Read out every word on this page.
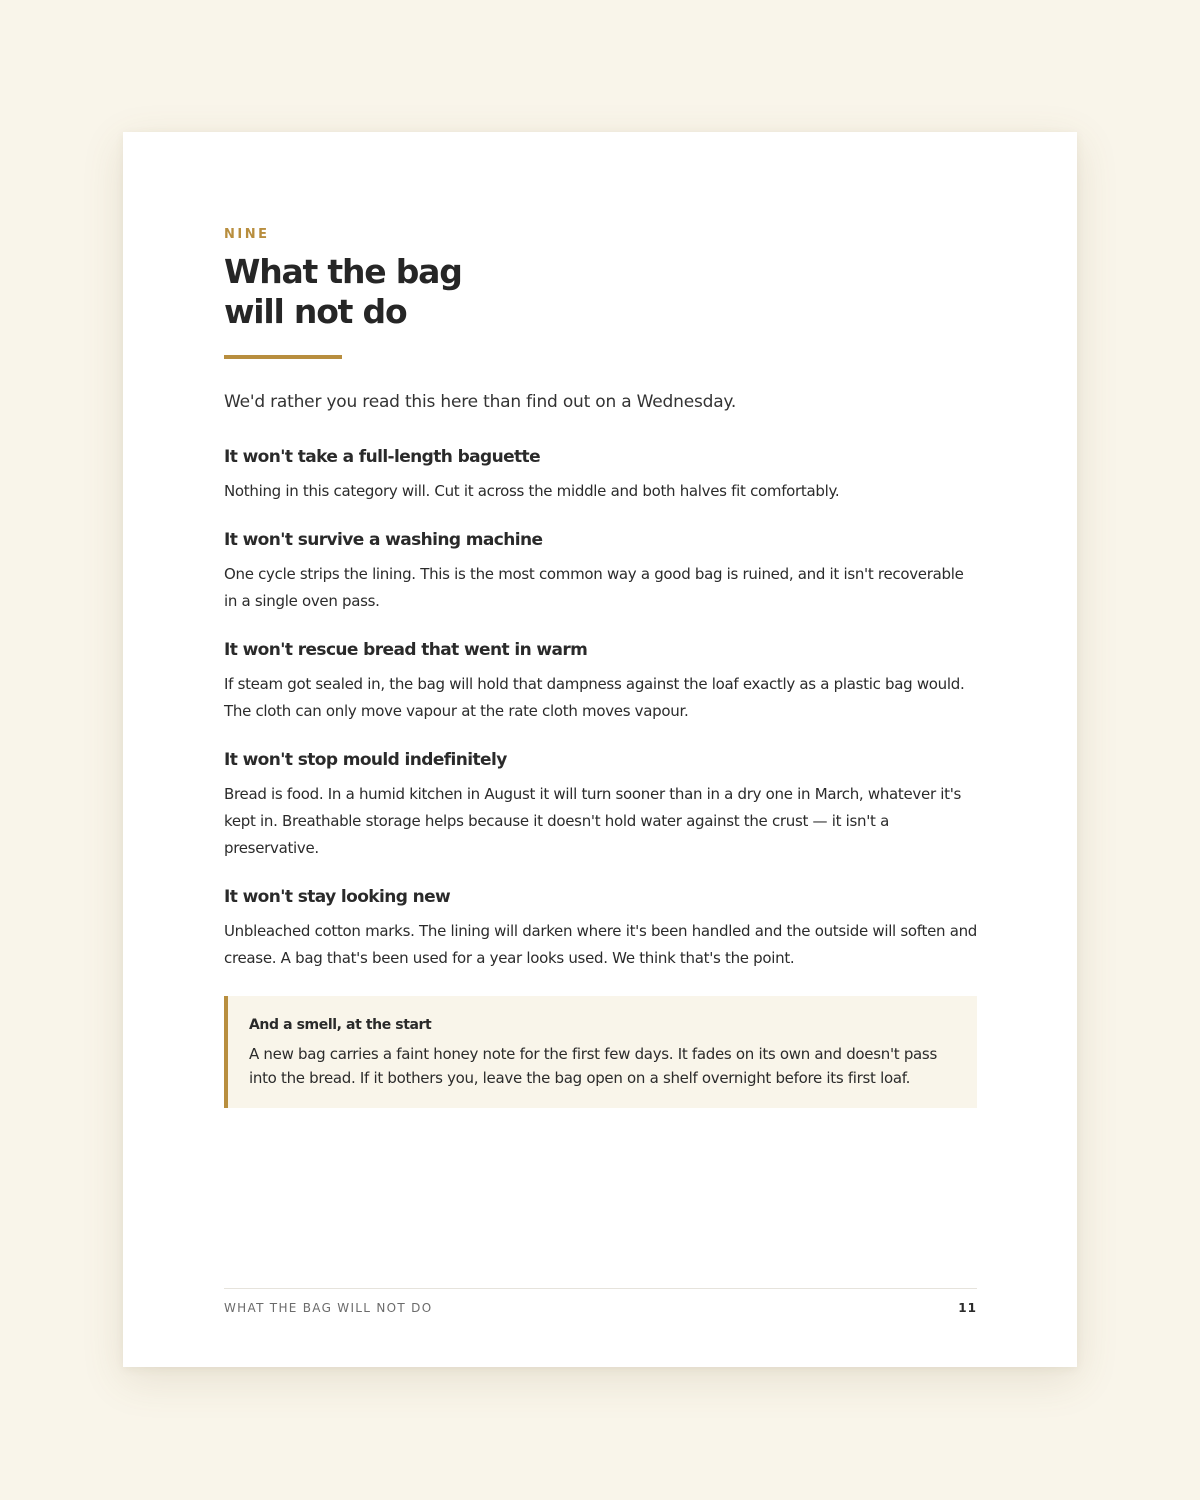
NINE

What the bag
will not do

We'd rather you read this here than find out on a Wednesday.

It won't take a full-length baguette

Nothing in this category will. Cut it across the middle and both halves fit comfortably.

It won't survive a washing machine

One cycle strips the lining. This is the most common way a good bag is ruined, and it isn't recoverable in a single oven pass.

It won't rescue bread that went in warm

If steam got sealed in, the bag will hold that dampness against the loaf exactly as a plastic bag would. The cloth can only move vapour at the rate cloth moves vapour.

It won't stop mould indefinitely

Bread is food. In a humid kitchen in August it will turn sooner than in a dry one in March, whatever it's kept in. Breathable storage helps because it doesn't hold water against the crust — it isn't a preservative.

It won't stay looking new

Unbleached cotton marks. The lining will darken where it's been handled and the outside will soften and crease. A bag that's been used for a year looks used. We think that's the point.

And a smell, at the start

A new bag carries a faint honey note for the first few days. It fades on its own and doesn't pass into the bread. If it bothers you, leave the bag open on a shelf overnight before its first loaf.

WHAT THE BAG WILL NOT DO	11
